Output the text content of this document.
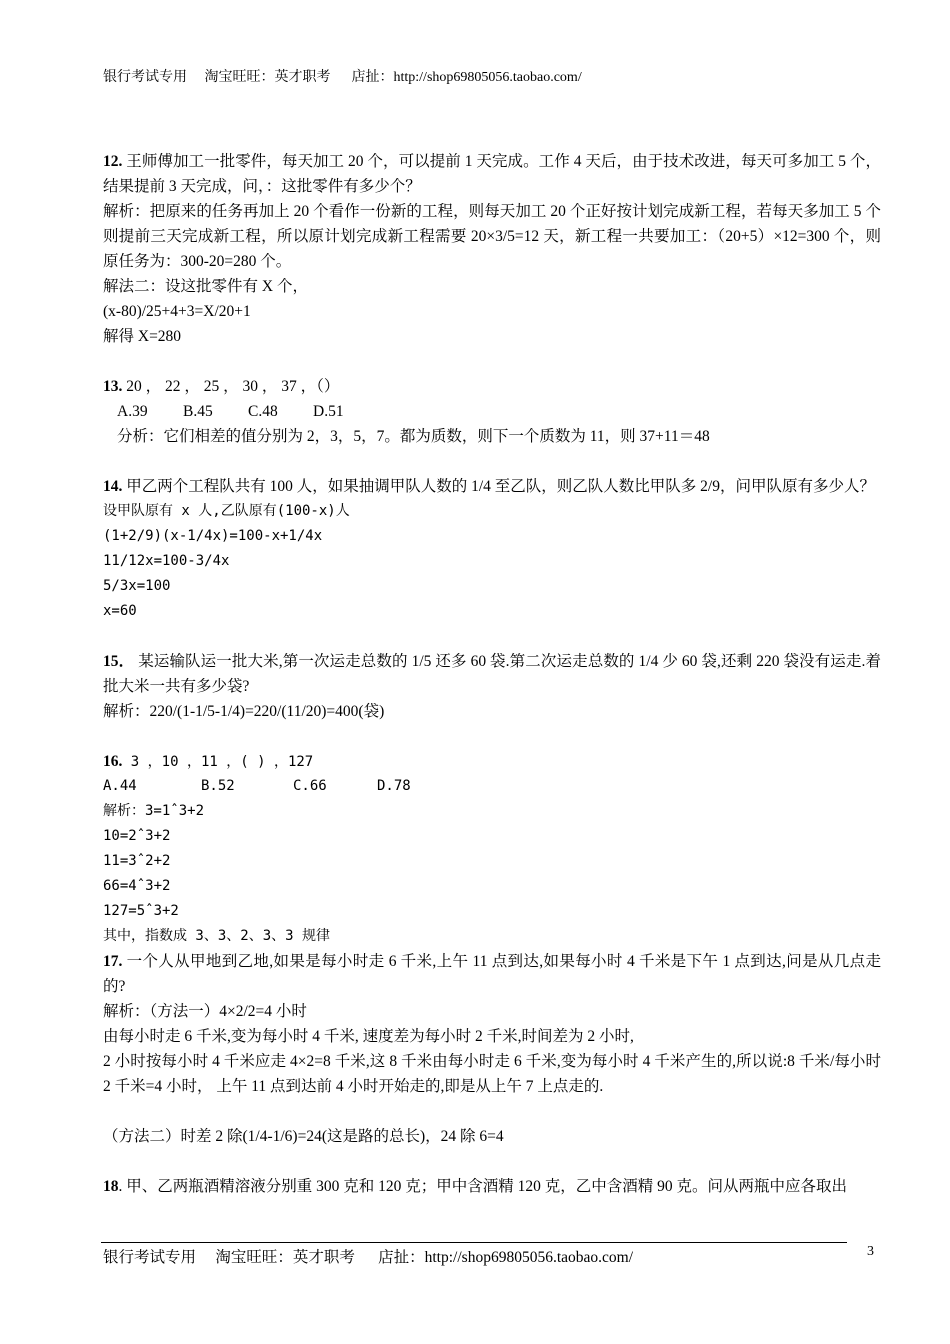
银行考试专用     淘宝旺旺：英才职考      店扯：http://shop69805056.taobao.com/
12. 王师傅加工一批零件，每天加工 20 个，可以提前 1 天完成。工作 4 天后，由于技术改进，每天可多加工 5 个，结果提前 3 天完成，问，：这批零件有多少个？
解析：把原来的任务再加上 20 个看作一份新的工程，则每天加工 20 个正好按计划完成新工程，若每天多加工 5 个则提前三天完成新工程，所以原计划完成新工程需要 20×3/5=12 天，新工程一共要加工：（20+5）×12=300 个，则原任务为：300-20=280 个。
解法二：设这批零件有 X 个，
(x-80)/25+4+3=X/20+1
解得 X=280
13. 20 ， 22 ， 25 ， 30 ， 37 ，（）
A.39 B.45 C.48 D.51
分析：它们相差的值分别为 2，3，5，7。都为质数，则下一个质数为 11，则 37+11＝48
14. 甲乙两个工程队共有 100 人，如果抽调甲队人数的 1/4 至乙队，则乙队人数比甲队多 2/9，问甲队原有多少人？
设甲队原有 x 人,乙队原有(100-x)人
(1+2/9)(x-1/4x)=100-x+1/4x
11/12x=100-3/4x
5/3x=100
x=60
15． 某运输队运一批大米,第一次运走总数的 1/5 还多 60 袋.第二次运走总数的 1/4 少 60 袋,还剩 220 袋没有运走.着批大米一共有多少袋?
解析：220/(1-1/5-1/4)=220/(11/20)=400(袋)
16. 3 ，10 ，11 ，( ) ，127
A.44	B.52	C.66	D.78
解析：3=1ˆ3+2
10=2ˆ3+2
11=3ˆ2+2
66=4ˆ3+2
127=5ˆ3+2
其中，指数成 3、3、2、3、3 规律
17. 一个人从甲地到乙地,如果是每小时走 6 千米,上午 11 点到达,如果每小时 4 千米是下午 1 点到达,问是从几点走的?
解析：（方法一）4×2/2=4 小时
由每小时走 6 千米,变为每小时 4 千米, 速度差为每小时 2 千米,时间差为 2 小时,
2 小时按每小时 4 千米应走 4×2=8 千米,这 8 千米由每小时走 6 千米,变为每小时 4 千米产生的,所以说:8 千米/每小时 2 千米=4 小时， 上午 11 点到达前 4 小时开始走的,即是从上午 7 上点走的.
（方法二）时差 2 除(1/4-1/6)=24(这是路的总长)，24 除 6=4
18. 甲、乙两瓶酒精溶液分别重 300 克和 120 克；甲中含酒精 120 克，乙中含酒精 90 克。问从两瓶中应各取出
银行考试专用     淘宝旺旺：英才职考      店扯：http://shop69805056.taobao.com/	3
